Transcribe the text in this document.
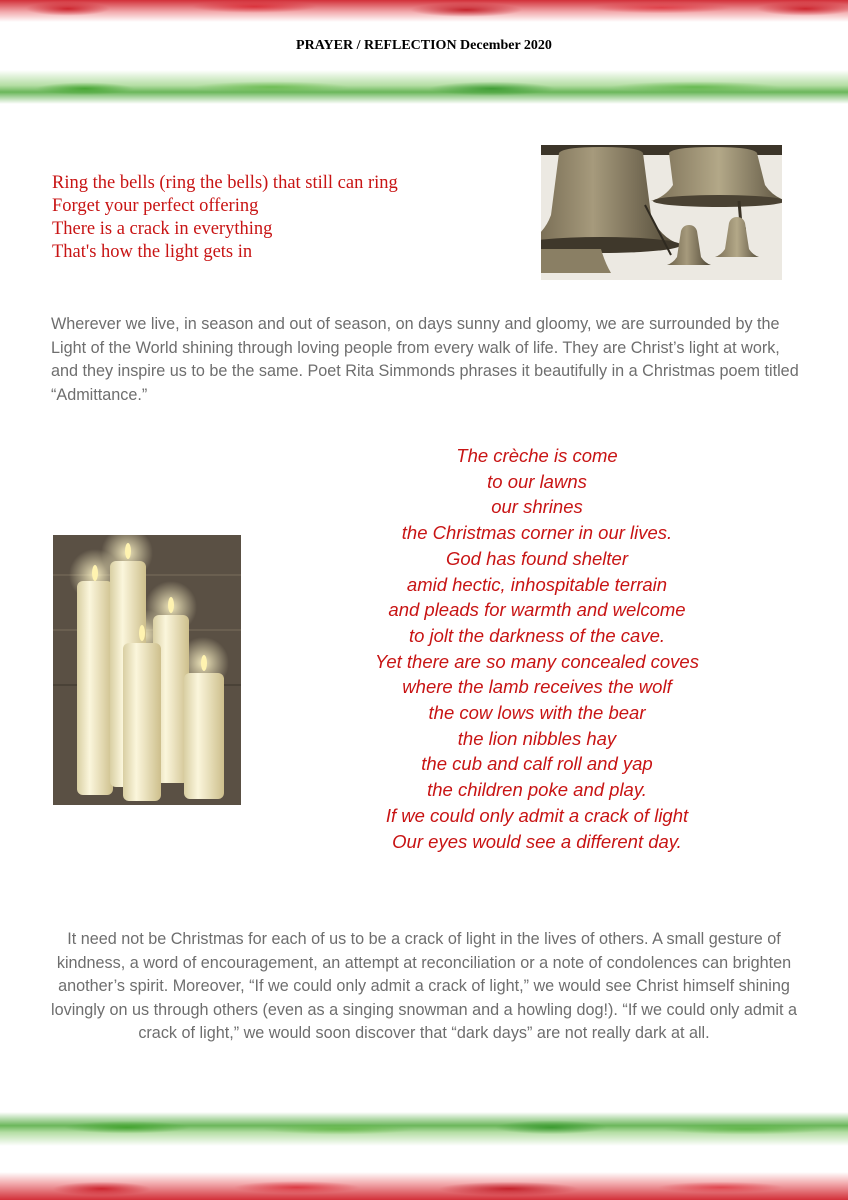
PRAYER / REFLECTION December 2020
Ring the bells (ring the bells) that still can ring
Forget your perfect offering
There is a crack in everything
That's how the light gets in
Wherever we live, in season and out of season, on days sunny and gloomy, we are surrounded by the Light of the World shining through loving people from every walk of life. They are Christ’s light at work, and they inspire us to be the same. Poet Rita Simmonds phrases it beautifully in a Christmas poem titled “Admittance.”
The crèche is come
to our lawns
our shrines
the Christmas corner in our lives.
God has found shelter
amid hectic, inhospitable terrain
and pleads for warmth and welcome
to jolt the darkness of the cave.
Yet there are so many concealed coves
where the lamb receives the wolf
the cow lows with the bear
the lion nibbles hay
the cub and calf roll and yap
the children poke and play.
If we could only admit a crack of light
Our eyes would see a different day.
It need not be Christmas for each of us to be a crack of light in the lives of others. A small gesture of kindness, a word of encouragement, an attempt at reconciliation or a note of condolences can brighten another’s spirit. Moreover, “If we could only admit a crack of light,” we would see Christ himself shining lovingly on us through others (even as a singing snowman and a howling dog!). “If we could only admit a crack of light,” we would soon discover that “dark days” are not really dark at all.
